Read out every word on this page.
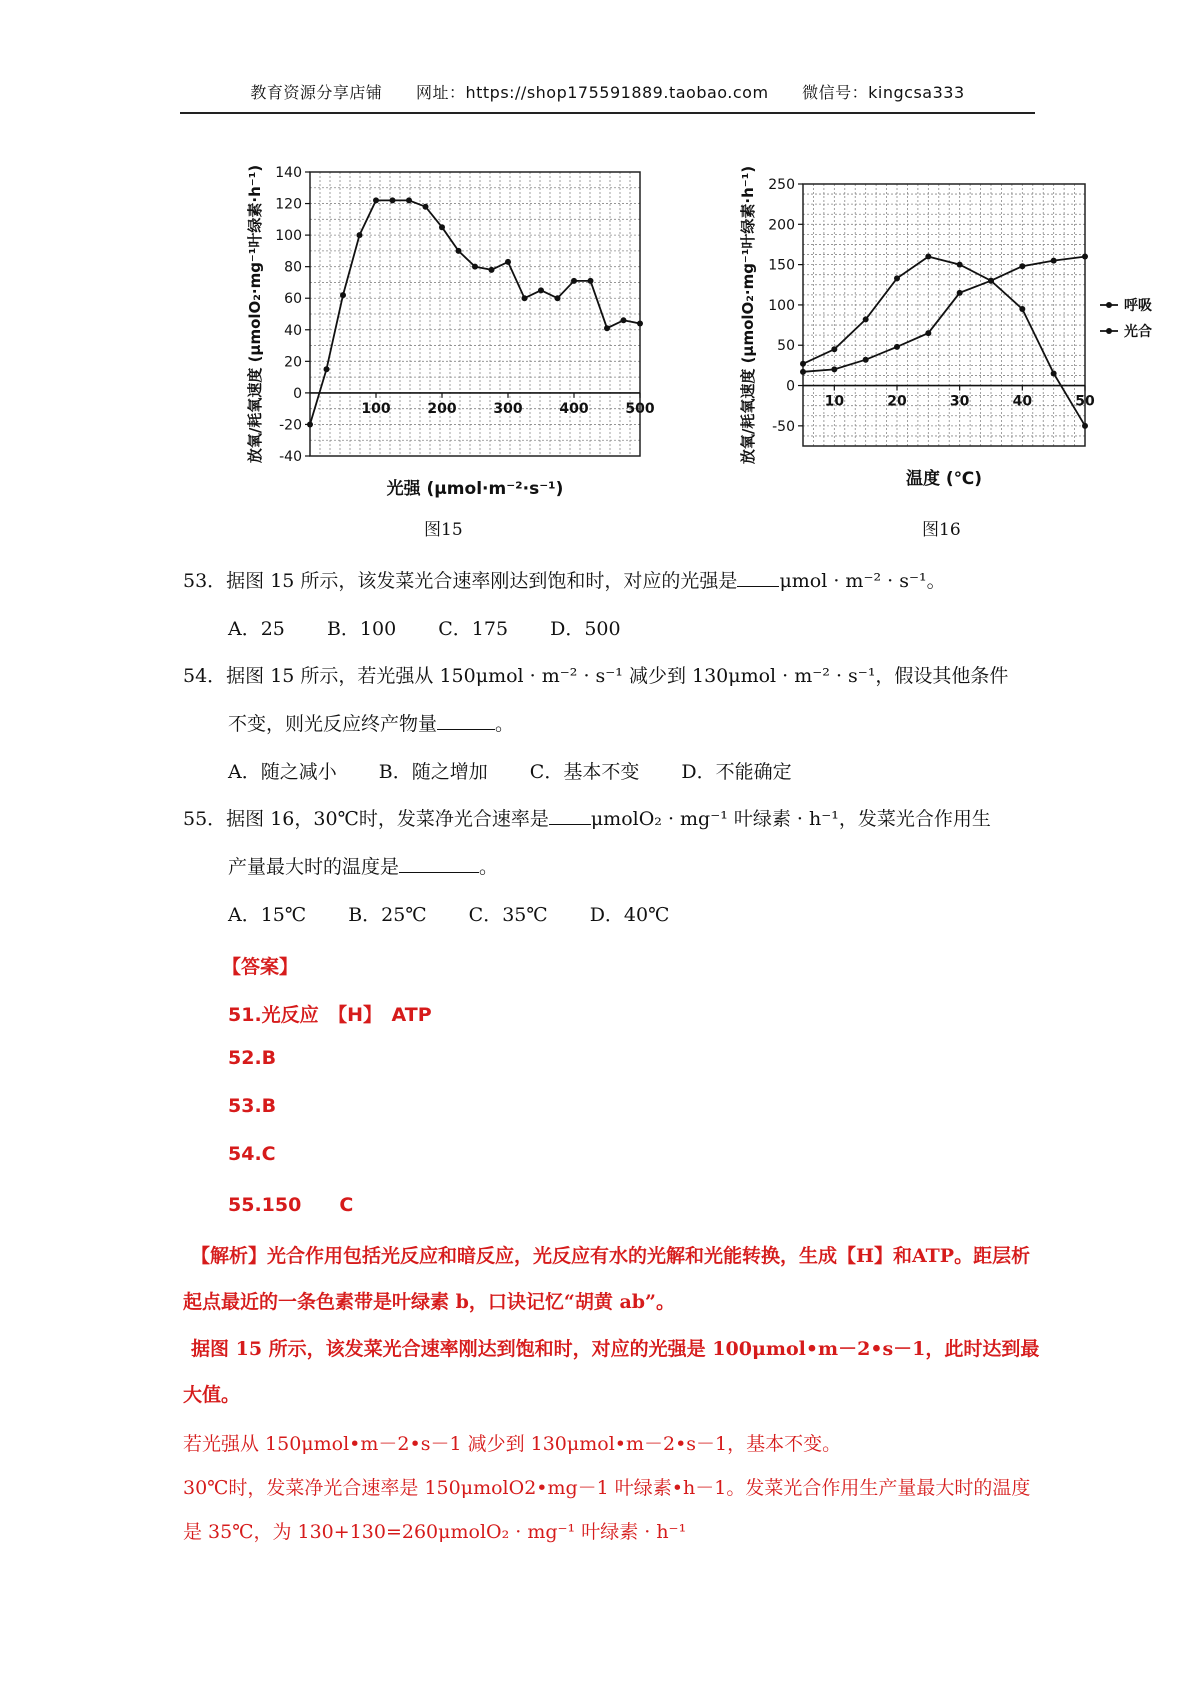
教育资源分享店铺 网址：https://shop175591889.taobao.com 微信号：kingcsa333
放氧/耗氧速度 (μmolO₂·mg⁻¹叶绿素·h⁻¹) 140
120
100
80
60
40
20
0
-20
-40
100	200	300	400	500
光强 (μmol·m⁻²·s⁻¹)
放氧/耗氧速度 (μmolO₂·mg⁻¹叶绿素·h⁻¹) 250
200
150
100
50
0
-50
10	20	30	40	50
温度 (℃)
呼吸
光合
图15	图16
53．据图 15 所示，该发菜光合速率刚达到饱和时，对应的光强是 μmol · m⁻² · s⁻¹。
A．25 B．100 C．175 D．500
54．据图 15 所示，若光强从 150μmol · m⁻² · s⁻¹ 减少到 130μmol · m⁻² · s⁻¹，假设其他条件
不变，则光反应终产物量	。
A．随之减小 B．随之增加 C．基本不变 D．不能确定
55．据图 16，30℃时，发菜净光合速率是 μmolO₂ · mg⁻¹ 叶绿素 · h⁻¹，发菜光合作用生
产量最大时的温度是	。
A．15℃ B．25℃ C．35℃ D．40℃
【答案】
51.光反应　【H】　ATP
52.B
53.B
54.C
55.150　　C
【解析】光合作用包括光反应和暗反应，光反应有水的光解和光能转换，生成【H】和ATP。距层析起点最近的一条色素带是叶绿素 b，口诀记忆“胡黄 ab”。
据图 15 所示，该发菜光合速率刚达到饱和时，对应的光强是 100μmol•m－2•s－1，此时达到最大值。
若光强从 150μmol•m－2•s－1 减少到 130μmol•m－2•s－1，基本不变。
30℃时，发菜净光合速率是 150μmolO2•mg－1 叶绿素•h－1。发菜光合作用生产量最大时的温度是 35℃，为 130+130=260μmolO₂ · mg⁻¹ 叶绿素 · h⁻¹
